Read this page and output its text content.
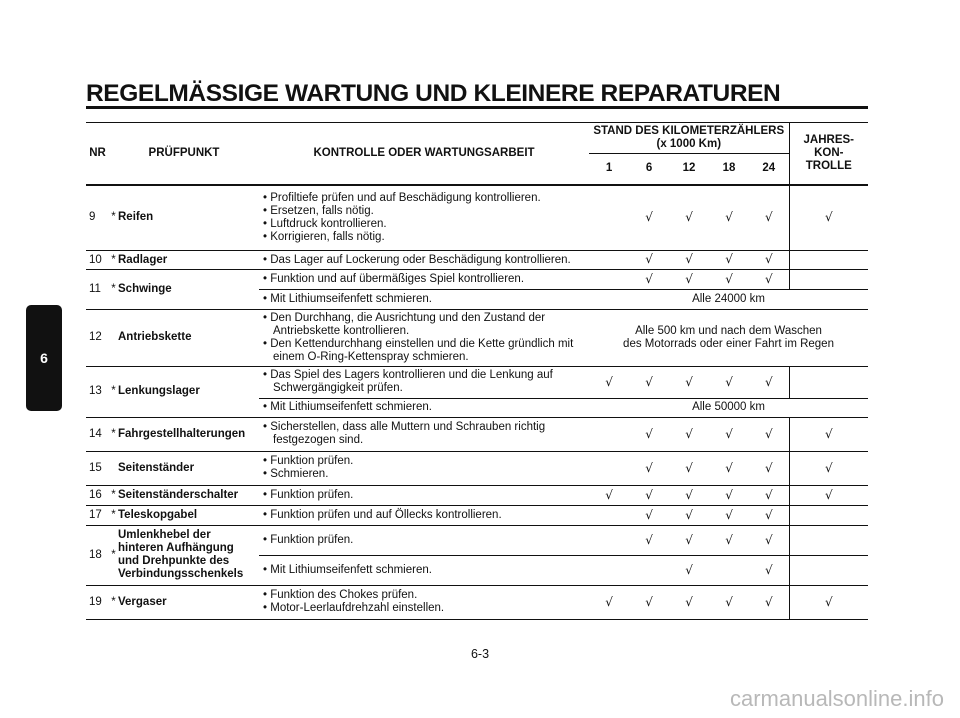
6
REGELMÄSSIGE WARTUNG UND KLEINERE REPARATUREN
NR	PRÜFPUNKT		KONTROLLE ODER WARTUNGSARBEIT	STAND DES KILOMETERZÄHLERS
(x 1000 Km)					JAHRES-
KON-
TROLLE
				1	6	12	18	24	
9	*	Reifen	• Profiltiefe prüfen und auf Beschädigung kontrollieren.
• Ersetzen, falls nötig.
• Luftdruck kontrollieren.
• Korrigieren, falls nötig.		√	√	√	√	√
10	*	Radlager	• Das Lager auf Lockerung oder Beschädigung kontrollieren.		√	√	√	√	
11	*	Schwinge	• Funktion und auf übermäßiges Spiel kontrollieren.		√	√	√	√	

			• Mit Lithiumseifenfett schmieren.	Alle 24000 km					
12		Antriebskette	• Den Durchhang, die Ausrichtung und den Zustand der Antriebskette kontrollieren.
• Den Kettendurchhang einstellen und die Kette gründlich mit einem O-Ring-Kettenspray schmieren.	Alle 500 km und nach dem Waschen
des Motorrads oder einer Fahrt im Regen					
13	*	Lenkungslager	• Das Spiel des Lagers kontrollieren und die Lenkung auf Schwergängigkeit prüfen.	√	√	√	√	√	

			• Mit Lithiumseifenfett schmieren.	Alle 50000 km					
14	*	Fahrgestellhalterungen	• Sicherstellen, dass alle Muttern und Schrauben richtig festgezogen sind.		√	√	√	√	√
15		Seitenständer	• Funktion prüfen.
• Schmieren.		√	√	√	√	√
16	*	Seitenständerschalter	• Funktion prüfen.	√	√	√	√	√	√
17	*	Teleskopgabel	• Funktion prüfen und auf Öllecks kontrollieren.		√	√	√	√	
18	*	Umlenkhebel der hinteren Aufhängung und Drehpunkte des Verbindungsschenkels	• Funktion prüfen.		√	√	√	√	

			• Mit Lithiumseifenfett schmieren.			√		√	
19	*	Vergaser	• Funktion des Chokes prüfen.
• Motor-Leerlaufdrehzahl einstellen.	√	√	√	√	√	√
6-3
carmanualsonline.info
